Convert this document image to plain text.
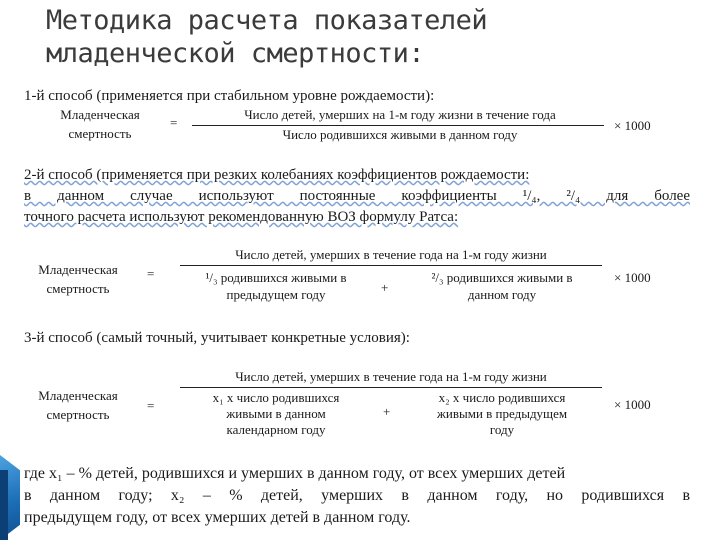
Методика расчета показателей
младенческой смертности:
1-й способ (применяется при стабильном уровне рождаемости):
Младенческая
смертность
=
Число детей, умерших на 1-м году жизни в течение года
Число родившихся живыми в данном году
× 1000
2-й способ (применяется при резких колебаниях коэффициентов рождаемости:
в данном случае используют постоянные коэффициенты ¹/₄, ²/₄ для более
точного расчета используют рекомендованную ВОЗ формулу Ратса:
Младенческая
смертность
=
Число детей, умерших в течение года на 1-м году жизни
¹/₃ родившихся живыми в
предыдущем году	+
²/₃ родившихся живыми в
данном году
× 1000
3-й способ (самый точный, учитывает конкретные условия):
Младенческая
смертность
=
Число детей, умерших в течение года на 1-м году жизни
x₁ x число родившихся
живыми в данном
календарном году
+
x₂ x число родившихся
живыми в предыдущем
году
× 1000
где x₁ – % детей, родившихся и умерших в данном году, от всех умерших детей
в данном году; x₂ – % детей, умерших в данном году, но родившихся в
предыдущем году, от всех умерших детей в данном году.
